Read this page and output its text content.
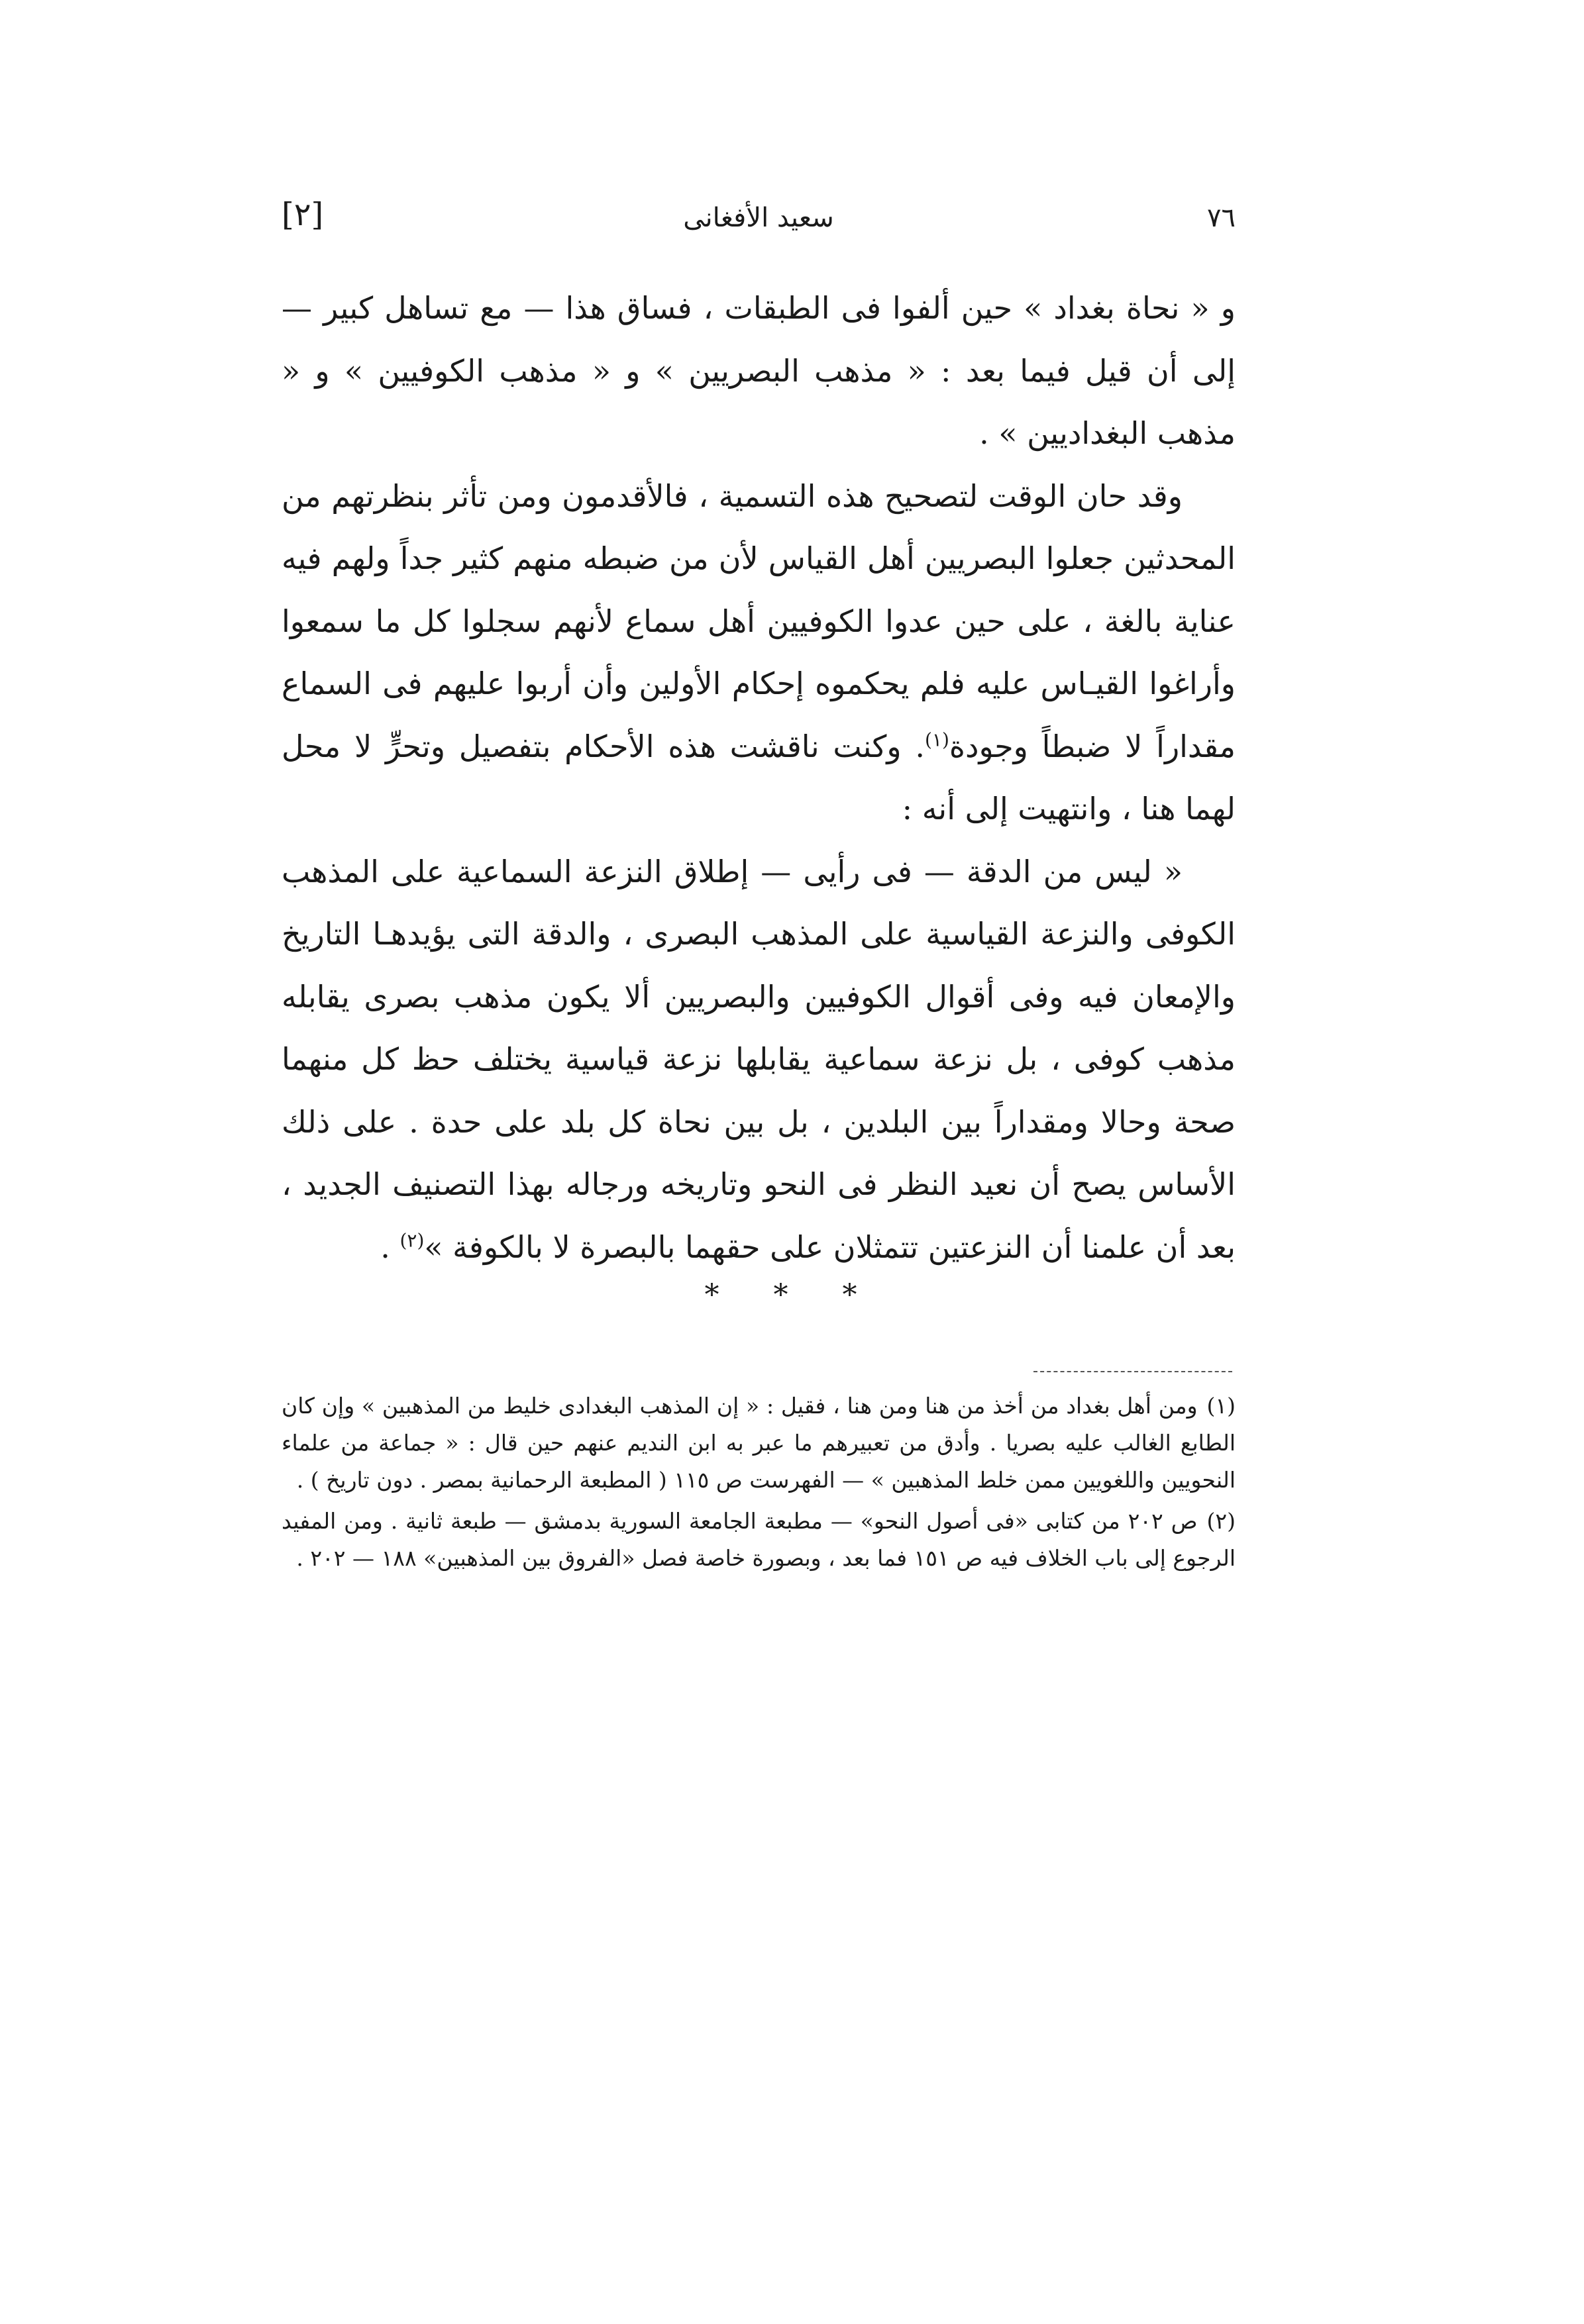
٧٦
سعيد الأفغانى
[٢]

و « نحاة بغداد » حين ألفوا فى الطبقات ، فساق هذا — مع تساهل كبير — إلى أن قيل فيما بعد : « مذهب البصريين » و « مذهب الكوفيين » و « مذهب البغداديين » .

وقد حان الوقت لتصحيح هذه التسمية ، فالأقدمون ومن تأثر بنظرتهم من المحدثين جعلوا البصريين أهل القياس لأن من ضبطه منهم كثير جداً ولهم فيه عناية بالغة ، على حين عدوا الكوفيين أهل سماع لأنهم سجلوا كل ما سمعوا وأراغوا القيـاس عليه فلم يحكموه إحكام الأولين وأن أربوا عليهم فى السماع مقداراً لا ضبطاً وجودة$^{(١)}$. وكنت ناقشت هذه الأحكام بتفصيل وتحرٍّ لا محل لهما هنا ، وانتهيت إلى أنه :

« ليس من الدقة — فى رأيى — إطلاق النزعة السماعية على المذهب الكوفى والنزعة القياسية على المذهب البصرى ، والدقة التى يؤيدهـا التاريخ والإمعان فيه وفى أقوال الكوفيين والبصريين ألا يكون مذهب بصرى يقابله مذهب كوفى ، بل نزعة سماعية يقابلها نزعة قياسية يختلف حظ كل منهما صحة وحالا ومقداراً بين البلدين ، بل بين نحاة كل بلد على حدة . على ذلك الأساس يصح أن نعيد النظر فى النحو وتاريخه ورجاله بهذا التصنيف الجديد ، بعد أن علمنا أن النزعتين تتمثلان على حقهما بالبصرة لا بالكوفة »$^{(٢)}$ .

* * *

(١)ومن أهل بغداد من أخذ من هنا ومن هنا ، فقيل : « إن المذهب البغدادى خليط من المذهبين » وإن كان الطابع الغالب عليه بصريا . وأدق من تعبيرهم ما عبر به ابن النديم عنهم حين قال : « جماعة من علماء النحويين واللغويين ممن خلط المذهبين » — الفهرست ص ١١٥ ( المطبعة الرحمانية بمصر . دون تاريخ ) .

(٢)ص ٢٠٢ من كتابى «فى أصول النحو» — مطبعة الجامعة السورية بدمشق — طبعة ثانية . ومن المفيد الرجوع إلى باب الخلاف فيه ص ١٥١ فما بعد ، وبصورة خاصة فصل «الفروق بين المذهبين» ١٨٨ — ٢٠٢ .
